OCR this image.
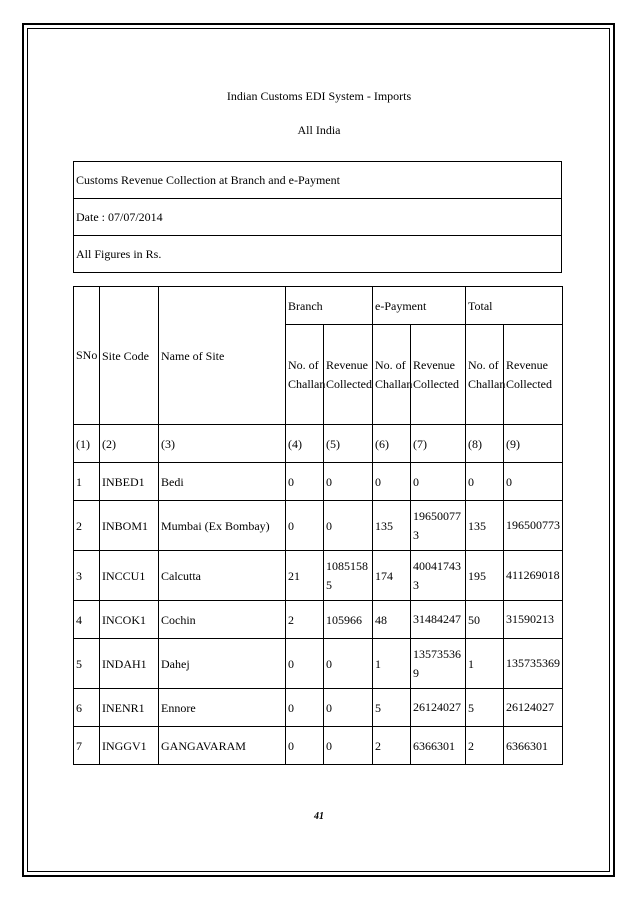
Indian Customs EDI System - Imports
All India
Customs Revenue Collection at Branch and e-Payment
Date : 07/07/2014
All Figures in Rs.
SNo	Site Code	Name of Site	Branch		e-Payment		Total	
			No. of Challan	Revenue Collected	No. of Challan	Revenue Collected	No. of Challan	Revenue Collected
(1)	(2)	(3)	(4)	(5)	(6)	(7)	(8)	(9)
1	INBED1	Bedi	0	0	0	0	0	0
2	INBOM1	Mumbai (Ex Bombay)	0	0	135	196500773	135	196500773
3	INCCU1	Calcutta	21	10851585	174	400417433	195	411269018
4	INCOK1	Cochin	2	105966	48	31484247	50	31590213
5	INDAH1	Dahej	0	0	1	135735369	1	135735369
6	INENR1	Ennore	0	0	5	26124027	5	26124027
7	INGGV1	GANGAVARAM	0	0	2	6366301	2	6366301
41
